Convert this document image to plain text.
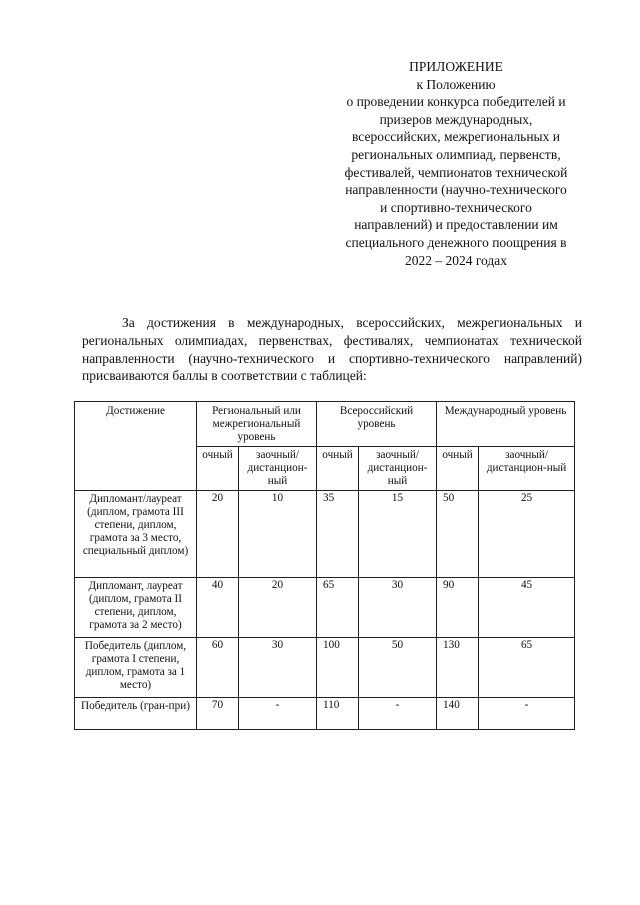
ПРИЛОЖЕНИЕ
к Положению
о проведении конкурса победителей и
призеров международных,
всероссийских, межрегиональных и
региональных олимпиад, первенств,
фестивалей, чемпионатов технической
направленности (научно-технического
и спортивно-технического
направлений) и предоставлении им
специального денежного поощрения в
2022 – 2024 годах
За достижения в международных, всероссийских, межрегиональных и
региональных олимпиадах, первенствах, фестивалях, чемпионатах технической
направленности (научно-технического и спортивно-технического направлений)
присваиваются баллы в соответствии с таблицей:
Достижение	Региональный или межрегиональный уровень		Всероссийский уровень		Международный уровень	
	очный	заочный/ дистанцион-ный	очный	заочный/ дистанцион-ный	очный	заочный/ дистанцион-ный
Дипломант/лауреат (диплом, грамота III степени, диплом, грамота за 3 место, специальный диплом)	20	10	35	15	50	25
Дипломант, лауреат (диплом, грамота II степени, диплом, грамота за 2 место)	40	20	65	30	90	45
Победитель (диплом, грамота I степени, диплом, грамота за 1 место)	60	30	100	50	130	65
Победитель (гран-при)	70	-	110	-	140	-
